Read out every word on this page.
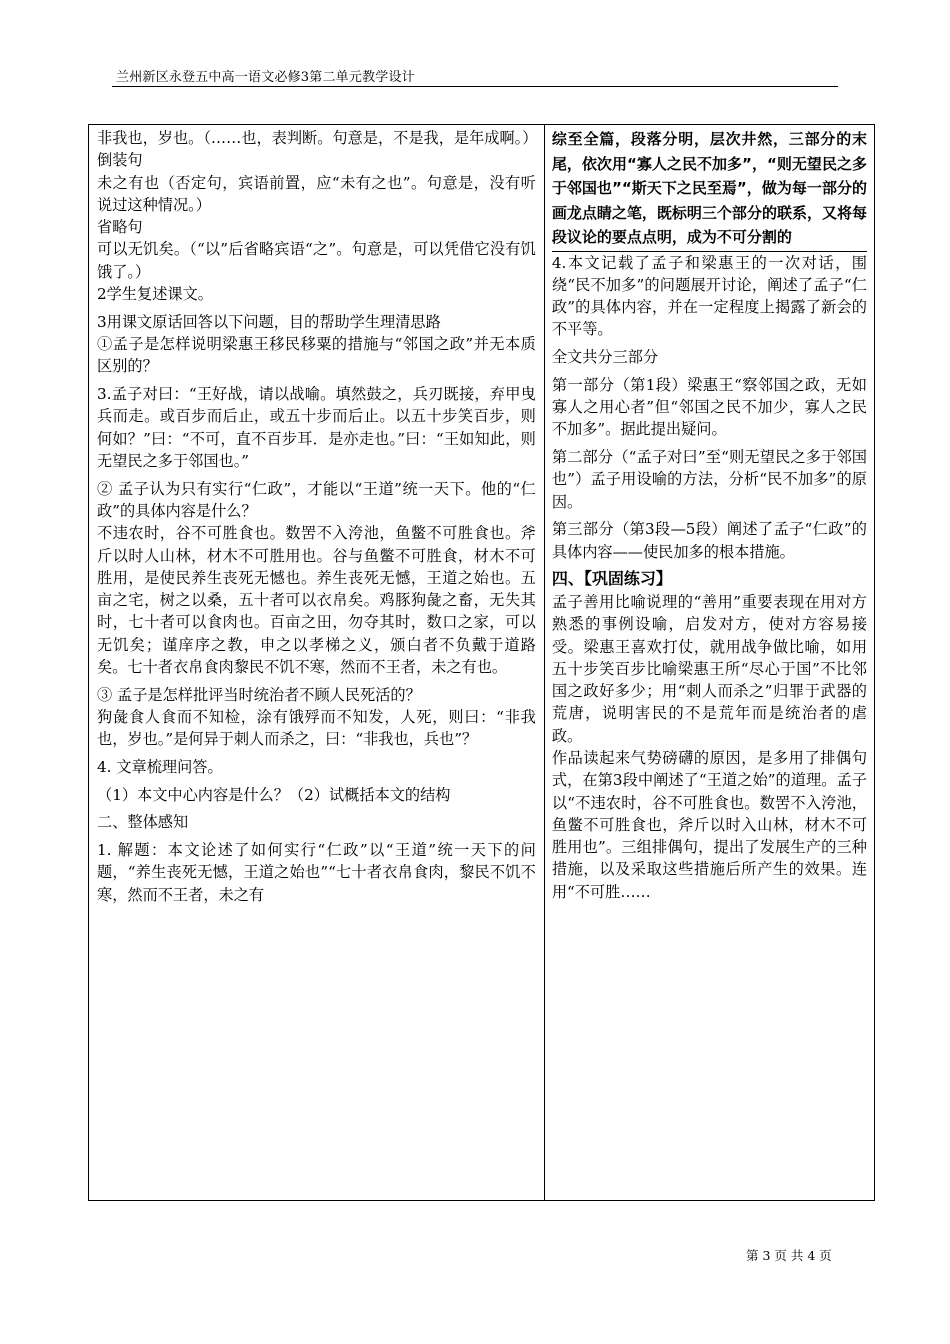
兰州新区永登五中高一语文必修3第二单元教学设计

非我也，岁也。（……也，表判断。句意是，不是我，是年成啊。）

倒装句

未之有也（否定句，宾语前置，应“未有之也”。句意是，没有听说过这种情况。）

省略句

可以无饥矣。（“以”后省略宾语“之”。句意是，可以凭借它没有饥饿了。）

2学生复述课文。

3用课文原话回答以下问题，目的帮助学生理清思路

①孟子是怎样说明梁惠王移民移粟的措施与“邻国之政”并无本质区别的？

3.孟子对曰：“王好战，请以战喻。填然鼓之，兵刃既接，弃甲曳兵而走。或百步而后止，或五十步而后止。以五十步笑百步，则何如？”曰：“不可，直不百步耳．是亦走也。”曰：“王如知此，则无望民之多于邻国也。”

② 孟子认为只有实行“仁政”，才能以“王道”统一天下。他的“仁政”的具体内容是什么？

不违农时，谷不可胜食也。数罟不入洿池，鱼鳖不可胜食也。斧斤以时人山林，材木不可胜用也。谷与鱼鳖不可胜食，材木不可胜用，是使民养生丧死无憾也。养生丧死无憾，王道之始也。五亩之宅，树之以桑，五十者可以衣帛矣。鸡豚狗彘之畜，无失其时，七十者可以食肉也。百亩之田，勿夺其时，数口之家，可以无饥矣；谨庠序之教，申之以孝梯之义，颁白者不负戴于道路矣。七十者衣帛食肉黎民不饥不寒，然而不王者，未之有也。

③ 孟子是怎样批评当时统治者不顾人民死活的？

狗彘食人食而不知检，涂有饿殍而不知发，人死，则曰：“非我也，岁也。”是何异于刺人而杀之，曰：“非我也，兵也”？

4. 文章梳理问答。

（1）本文中心内容是什么？（2）试概括本文的结构

二、整体感知

1. 解题：本文论述了如何实行“仁政”以“王道”统一天下的问题，“养生丧死无憾，王道之始也”“七十者衣帛食肉，黎民不饥不寒，然而不王者，未之有

综至全篇，段落分明，层次井然，三部分的末尾，依次用“寡人之民不加多”，“则无望民之多于邻国也”“斯天下之民至焉”，做为每一部分的画龙点睛之笔，既标明三个部分的联系，又将每段议论的要点点明，成为不可分割的

4.本文记载了孟子和梁惠王的一次对话，围绕“民不加多”的问题展开讨论，阐述了孟子“仁政”的具体内容，并在一定程度上揭露了新会的不平等。

全文共分三部分

第一部分（第1段）梁惠王“察邻国之政，无如寡人之用心者”但“邻国之民不加少，寡人之民不加多”。据此提出疑问。

第二部分（“孟子对曰”至“则无望民之多于邻国也”）孟子用设喻的方法，分析“民不加多”的原因。

第三部分（第3段—5段）阐述了孟子“仁政”的具体内容——使民加多的根本措施。

四、【巩固练习】

孟子善用比喻说理的“善用”重要表现在用对方熟悉的事例设喻，启发对方，使对方容易接受。梁惠王喜欢打仗，就用战争做比喻，如用五十步笑百步比喻梁惠王所“尽心于国”不比邻国之政好多少；用“刺人而杀之”归罪于武器的荒唐，说明害民的不是荒年而是统治者的虐政。

作品读起来气势磅礴的原因，是多用了排偶句式，在第3段中阐述了“王道之始”的道理。孟子以“不违农时，谷不可胜食也。数罟不入洿池，鱼鳖不可胜食也，斧斤以时入山林，材木不可胜用也”。三组排偶句，提出了发展生产的三种措施，以及采取这些措施后所产生的效果。连用“不可胜……

第 3 页 共 4 页
